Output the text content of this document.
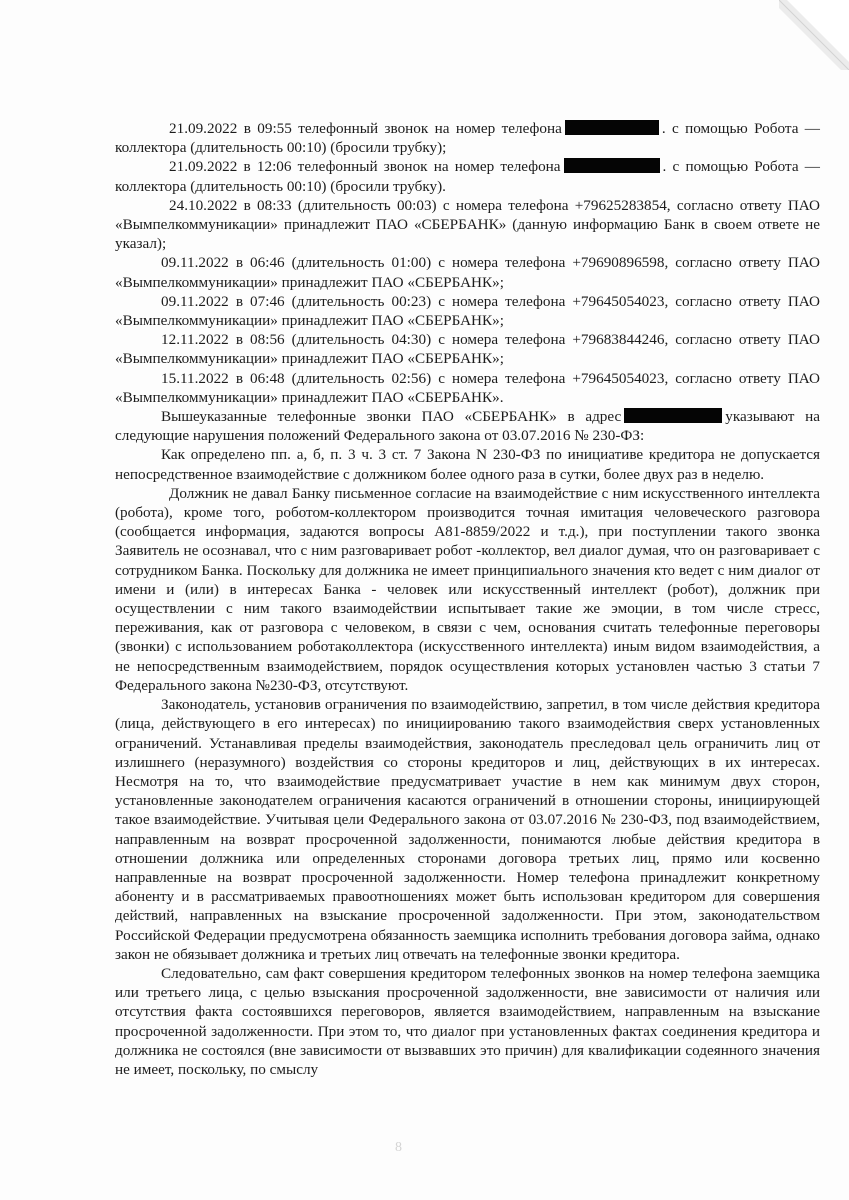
21.09.2022 в 09:55 телефонный звонок на номер телефона	. с помощью Робота — коллектора (длительность 00:10) (бросили трубку);

21.09.2022 в 12:06 телефонный звонок на номер телефона	. с помощью Робота — коллектора (длительность 00:10) (бросили трубку).

24.10.2022 в 08:33 (длительность 00:03) с номера телефона +79625283854, согласно ответу ПАО «Вымпелкоммуникации» принадлежит ПАО «СБЕРБАНК» (данную информацию Банк в своем ответе не указал);

09.11.2022 в 06:46 (длительность 01:00) с номера телефона +79690896598, согласно ответу ПАО «Вымпелкоммуникации» принадлежит ПАО «СБЕРБАНК»;

09.11.2022 в 07:46 (длительность 00:23) с номера телефона +79645054023, согласно ответу ПАО «Вымпелкоммуникации» принадлежит ПАО «СБЕРБАНК»;

12.11.2022 в 08:56 (длительность 04:30) с номера телефона +79683844246, согласно ответу ПАО «Вымпелкоммуникации» принадлежит ПАО «СБЕРБАНК»;

15.11.2022 в 06:48 (длительность 02:56) с номера телефона +79645054023, согласно ответу ПАО «Вымпелкоммуникации» принадлежит ПАО «СБЕРБАНК».

Вышеуказанные телефонные звонки ПАО «СБЕРБАНК» в адрес	указывают на следующие нарушения положений Федерального закона от 03.07.2016 № 230-ФЗ:

Как определено пп. а, б, п. 3 ч. 3 ст. 7 Закона N 230-ФЗ по инициативе кредитора не допускается непосредственное взаимодействие с должником более одного раза в сутки, более двух раз в неделю.

Должник не давал Банку письменное согласие на взаимодействие с ним искусственного интеллекта (робота), кроме того, роботом-коллектором производится точная имитация человеческого разговора (сообщается информация, задаются вопросы А81-8859/2022 и т.д.), при поступлении такого звонка Заявитель не осознавал, что с ним разговаривает робот -коллектор, вел диалог думая, что он разговаривает с сотрудником Банка. Поскольку для должника не имеет принципиального значения кто ведет с ним диалог от имени и (или) в интересах Банка - человек или искусственный интеллект (робот), должник при осуществлении с ним такого взаимодействии испытывает такие же эмоции, в том числе стресс, переживания, как от разговора с человеком, в связи с чем, основания считать телефонные переговоры (звонки) с использованием роботаколлектора (искусственного интеллекта) иным видом взаимодействия, а не непосредственным взаимодействием, порядок осуществления которых установлен частью 3 статьи 7 Федерального закона №230-ФЗ, отсутствуют.

Законодатель, установив ограничения по взаимодействию, запретил, в том числе действия кредитора (лица, действующего в его интересах) по инициированию такого взаимодействия сверх установленных ограничений. Устанавливая пределы взаимодействия, законодатель преследовал цель ограничить лиц от излишнего (неразумного) воздействия со стороны кредиторов и лиц, действующих в их интересах. Несмотря на то, что взаимодействие предусматривает участие в нем как минимум двух сторон, установленные законодателем ограничения касаются ограничений в отношении стороны, инициирующей такое взаимодействие. Учитывая цели Федерального закона от 03.07.2016 № 230-ФЗ, под взаимодействием, направленным на возврат просроченной задолженности, понимаются любые действия кредитора в отношении должника или определенных сторонами договора третьих лиц, прямо или косвенно направленные на возврат просроченной задолженности. Номер телефона принадлежит конкретному абоненту и в рассматриваемых правоотношениях может быть использован кредитором для совершения действий, направленных на взыскание просроченной задолженности. При этом, законодательством Российской Федерации предусмотрена обязанность заемщика исполнить требования договора займа, однако закон не обязывает должника и третьих лиц отвечать на телефонные звонки кредитора.

Следовательно, сам факт совершения кредитором телефонных звонков на номер телефона заемщика или третьего лица, с целью взыскания просроченной задолженности, вне зависимости от наличия или отсутствия факта состоявшихся переговоров, является взаимодействием, направленным на взыскание просроченной задолженности. При этом то, что диалог при установленных фактах соединения кредитора и должника не состоялся (вне зависимости от вызвавших это причин) для квалификации содеянного значения не имеет, поскольку, по смыслу

8
